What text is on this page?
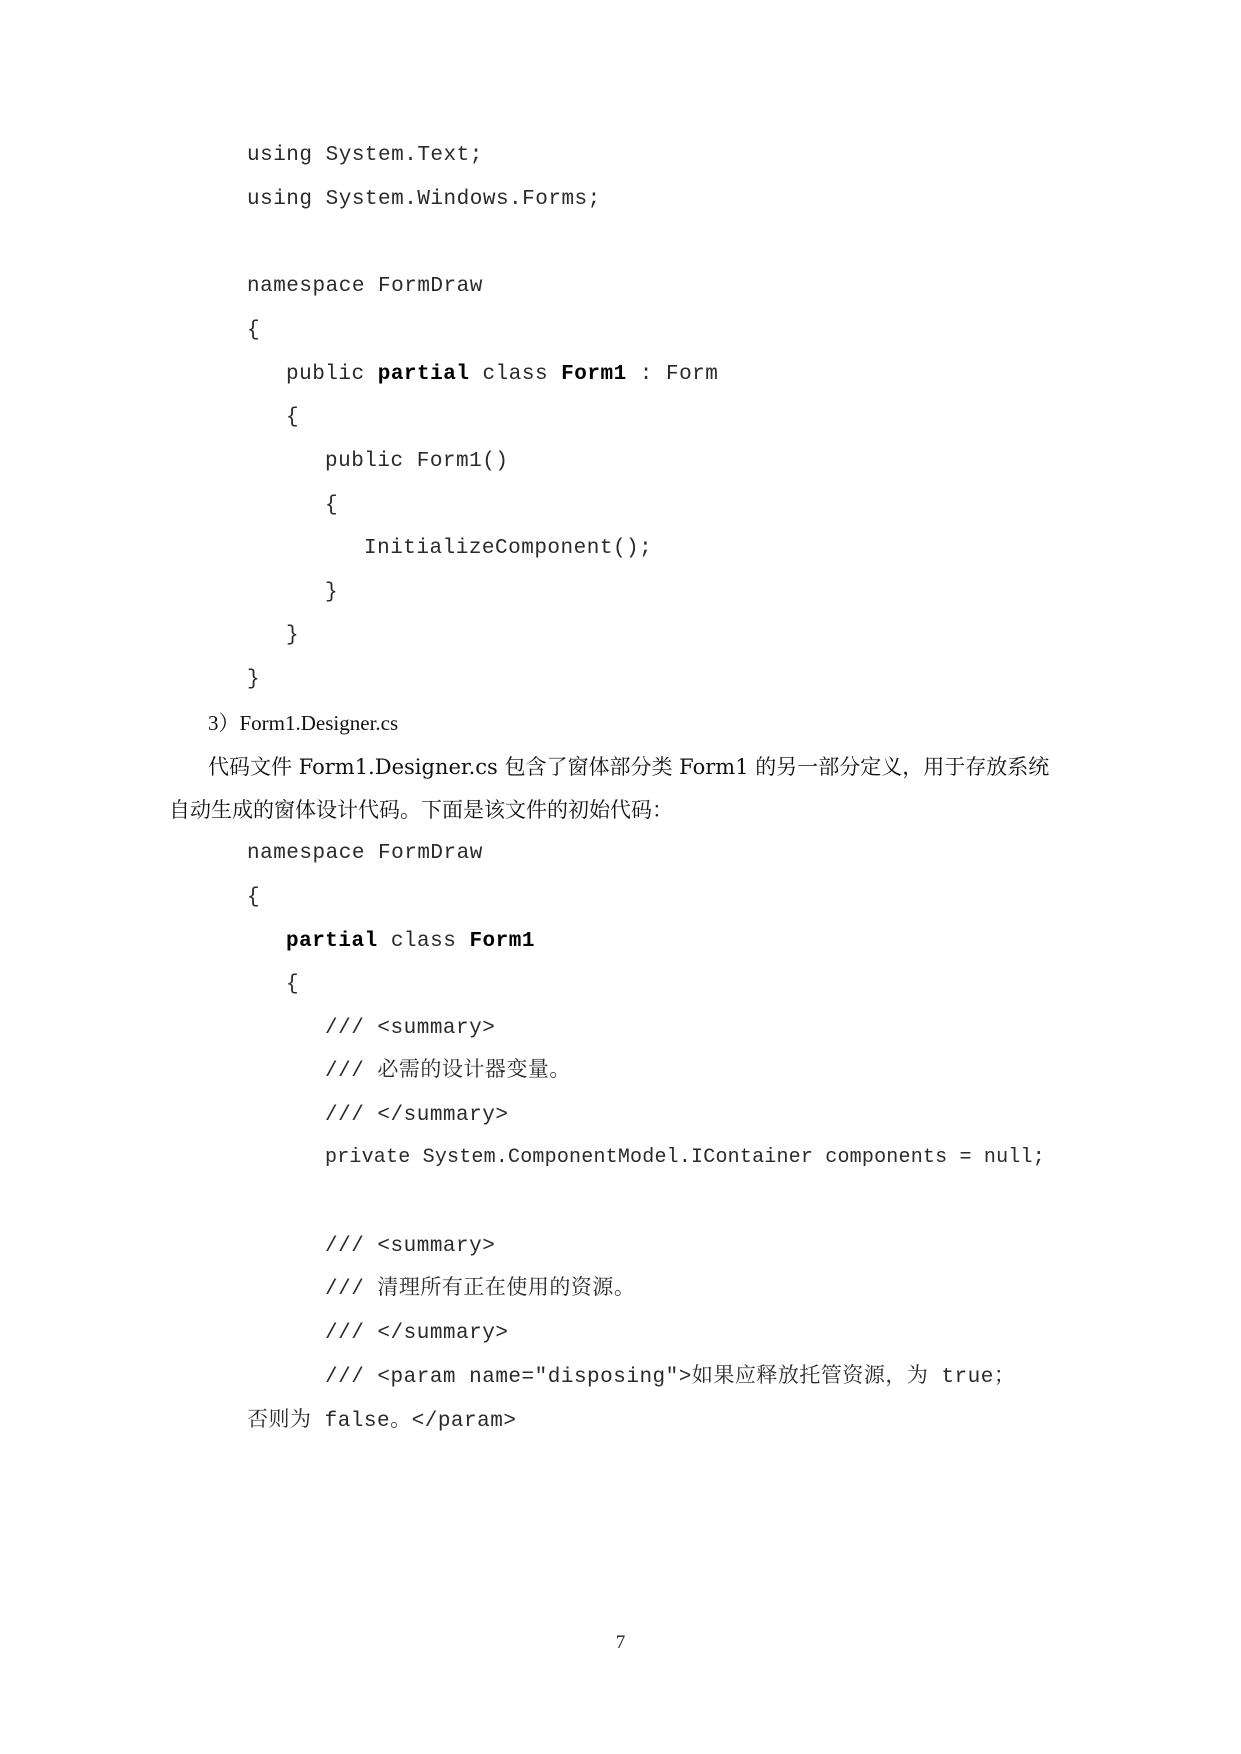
using System.Text;
using System.Windows.Forms;
namespace FormDraw
{
public partial class Form1 : Form
{
public Form1()
{
InitializeComponent();
}
}
}
3）Form1.Designer.cs
代码文件 Form1.Designer.cs 包含了窗体部分类 Form1 的另一部分定义，用于存放系统
自动生成的窗体设计代码。下面是该文件的初始代码：
namespace FormDraw
{
partial class Form1
{
/// <summary>
/// 必需的设计器变量。
/// </summary>
private System.ComponentModel.IContainer components = null;
/// <summary>
/// 清理所有正在使用的资源。
/// </summary>
/// <param name="disposing">如果应释放托管资源，为 true；
否则为 false。</param>
7
